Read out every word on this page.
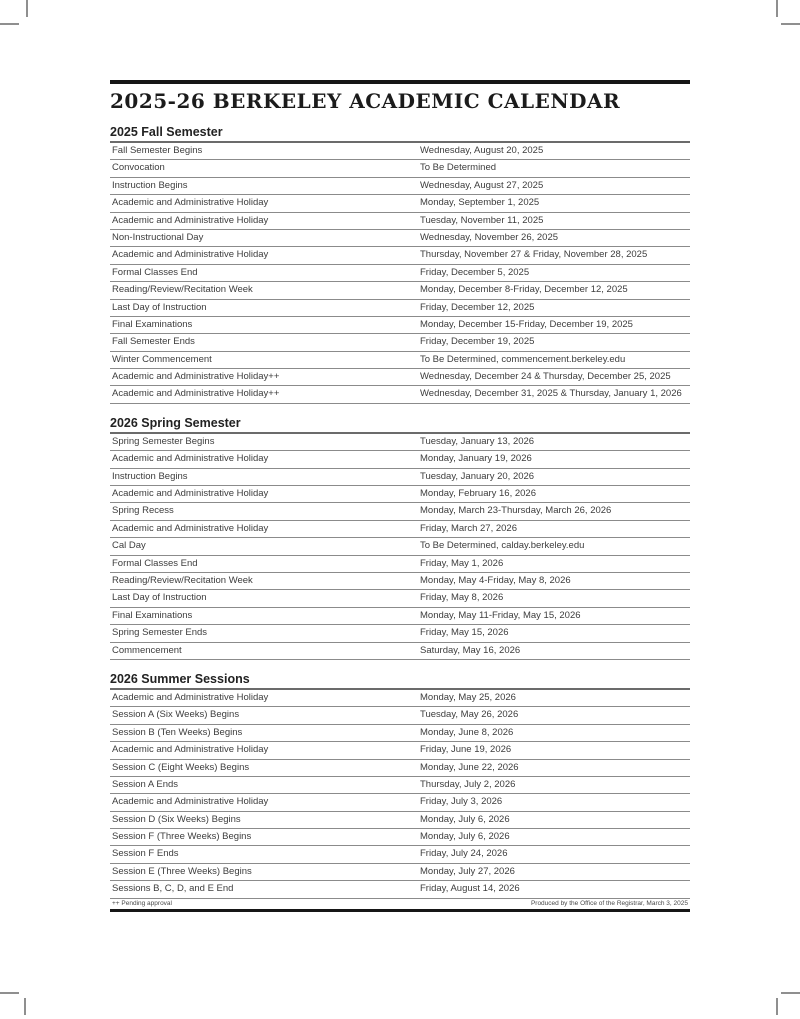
2025-26 BERKELEY ACADEMIC CALENDAR
2025 Fall Semester
Fall Semester Begins	Wednesday, August 20, 2025
Convocation	To Be Determined
Instruction Begins	Wednesday, August 27, 2025
Academic and Administrative Holiday	Monday, September 1, 2025
Academic and Administrative Holiday	Tuesday, November 11, 2025
Non-Instructional Day	Wednesday, November 26, 2025
Academic and Administrative Holiday	Thursday, November 27 & Friday, November 28, 2025
Formal Classes End	Friday, December 5, 2025
Reading/Review/Recitation Week	Monday, December 8-Friday, December 12, 2025
Last Day of Instruction	Friday, December 12, 2025
Final Examinations	Monday, December 15-Friday, December 19, 2025
Fall Semester Ends	Friday, December 19, 2025
Winter Commencement	To Be Determined, commencement.berkeley.edu
Academic and Administrative Holiday++	Wednesday, December 24 & Thursday, December 25, 2025
Academic and Administrative Holiday++	Wednesday, December 31, 2025 & Thursday, January 1, 2026
2026 Spring Semester
Spring Semester Begins	Tuesday, January 13, 2026
Academic and Administrative Holiday	Monday, January 19, 2026
Instruction Begins	Tuesday, January 20, 2026
Academic and Administrative Holiday	Monday, February 16, 2026
Spring Recess	Monday, March 23-Thursday, March 26, 2026
Academic and Administrative Holiday	Friday, March 27, 2026
Cal Day	To Be Determined, calday.berkeley.edu
Formal Classes End	Friday, May 1, 2026
Reading/Review/Recitation Week	Monday, May 4-Friday, May 8, 2026
Last Day of Instruction	Friday, May 8, 2026
Final Examinations	Monday, May 11-Friday, May 15, 2026
Spring Semester Ends	Friday, May 15, 2026
Commencement	Saturday, May 16, 2026
2026 Summer Sessions
Academic and Administrative Holiday	Monday, May 25, 2026
Session A (Six Weeks) Begins	Tuesday, May 26, 2026
Session B (Ten Weeks) Begins	Monday, June 8, 2026
Academic and Administrative Holiday	Friday, June 19, 2026
Session C (Eight Weeks) Begins	Monday, June 22, 2026
Session A Ends	Thursday, July 2, 2026
Academic and Administrative Holiday	Friday, July 3, 2026
Session D (Six Weeks) Begins	Monday, July 6, 2026
Session F (Three Weeks) Begins	Monday, July 6, 2026
Session F Ends	Friday, July 24, 2026
Session E (Three Weeks) Begins	Monday, July 27, 2026
Sessions B, C, D, and E End	Friday, August 14, 2026
++ Pending approval	Produced by the Office of the Registrar, March 3, 2025
